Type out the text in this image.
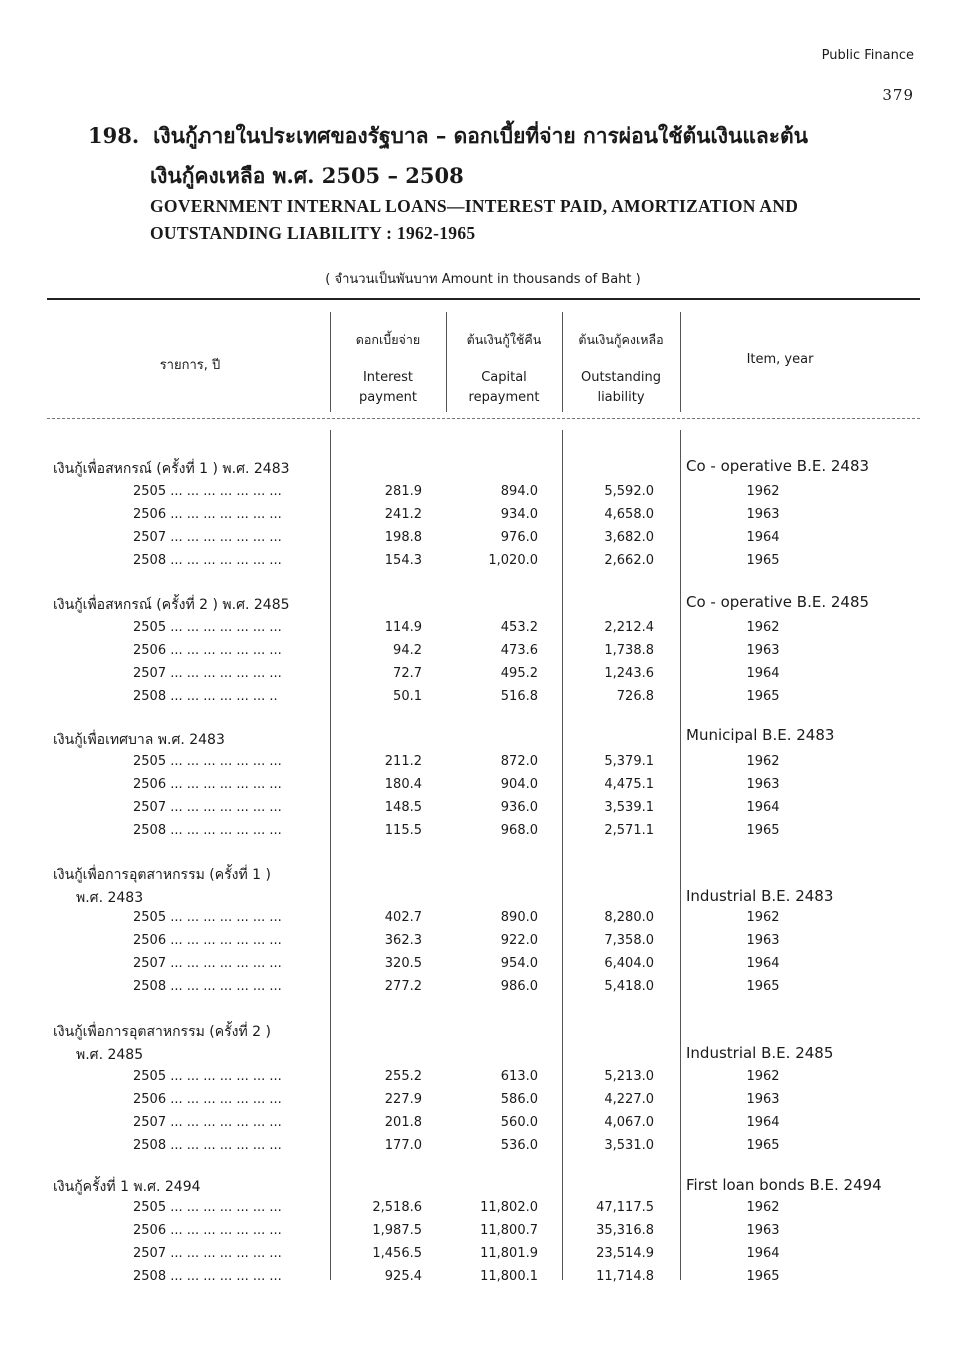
Public Finance
379
198. เงินกู้ภายในประเทศของรัฐบาล – ดอกเบี้ยที่จ่าย การผ่อนใช้ต้นเงินและต้น
เงินกู้คงเหลือ พ.ศ. 2505 – 2508
GOVERNMENT INTERNAL LOANS—INTEREST PAID, AMORTIZATION AND
OUTSTANDING LIABILITY : 1962-1965
( จำนวนเป็นพันบาท Amount in thousands of Baht )
รายการ, ปี
ดอกเบี้ยจ่าย
Interest
payment
ต้นเงินกู้ใช้คืน
Capital
repayment
ต้นเงินกู้คงเหลือ
Outstanding
liability
Item, year
เงินกู้เพื่อสหกรณ์ (ครั้งที่ 1 ) พ.ศ. 2483	Co - operative B.E. 2483
2505 ... ... ... ... ... ... ...	281.9	894.0	5,592.0	1962
2506 ... ... ... ... ... ... ...	241.2	934.0	4,658.0	1963
2507 ... ... ... ... ... ... ...	198.8	976.0	3,682.0	1964
2508 ... ... ... ... ... ... ...	154.3	1,020.0	2,662.0	1965
เงินกู้เพื่อสหกรณ์ (ครั้งที่ 2 ) พ.ศ. 2485	Co - operative B.E. 2485
2505 ... ... ... ... ... ... ...	114.9	453.2	2,212.4	1962
2506 ... ... ... ... ... ... ...	94.2	473.6	1,738.8	1963
2507 ... ... ... ... ... ... ...	72.7	495.2	1,243.6	1964
2508 ... ... ... ... ... ... ..	50.1	516.8	726.8	1965
เงินกู้เพื่อเทศบาล พ.ศ. 2483	Municipal B.E. 2483
2505 ... ... ... ... ... ... ...	211.2	872.0	5,379.1	1962
2506 ... ... ... ... ... ... ...	180.4	904.0	4,475.1	1963
2507 ... ... ... ... ... ... ...	148.5	936.0	3,539.1	1964
2508 ... ... ... ... ... ... ...	115.5	968.0	2,571.1	1965
เงินกู้เพื่อการอุตสาหกรรม (ครั้งที่ 1 )
พ.ศ. 2483	Industrial B.E. 2483
2505 ... ... ... ... ... ... ...	402.7	890.0	8,280.0	1962
2506 ... ... ... ... ... ... ...	362.3	922.0	7,358.0	1963
2507 ... ... ... ... ... ... ...	320.5	954.0	6,404.0	1964
2508 ... ... ... ... ... ... ...	277.2	986.0	5,418.0	1965
เงินกู้เพื่อการอุตสาหกรรม (ครั้งที่ 2 )
พ.ศ. 2485	Industrial B.E. 2485
2505 ... ... ... ... ... ... ...	255.2	613.0	5,213.0	1962
2506 ... ... ... ... ... ... ...	227.9	586.0	4,227.0	1963
2507 ... ... ... ... ... ... ...	201.8	560.0	4,067.0	1964
2508 ... ... ... ... ... ... ...	177.0	536.0	3,531.0	1965
เงินกู้ครั้งที่ 1 พ.ศ. 2494	First loan bonds B.E. 2494
2505 ... ... ... ... ... ... ...	2,518.6	11,802.0	47,117.5	1962
2506 ... ... ... ... ... ... ...	1,987.5	11,800.7	35,316.8	1963
2507 ... ... ... ... ... ... ...	1,456.5	11,801.9	23,514.9	1964
2508 ... ... ... ... ... ... ...	925.4	11,800.1	11,714.8	1965
